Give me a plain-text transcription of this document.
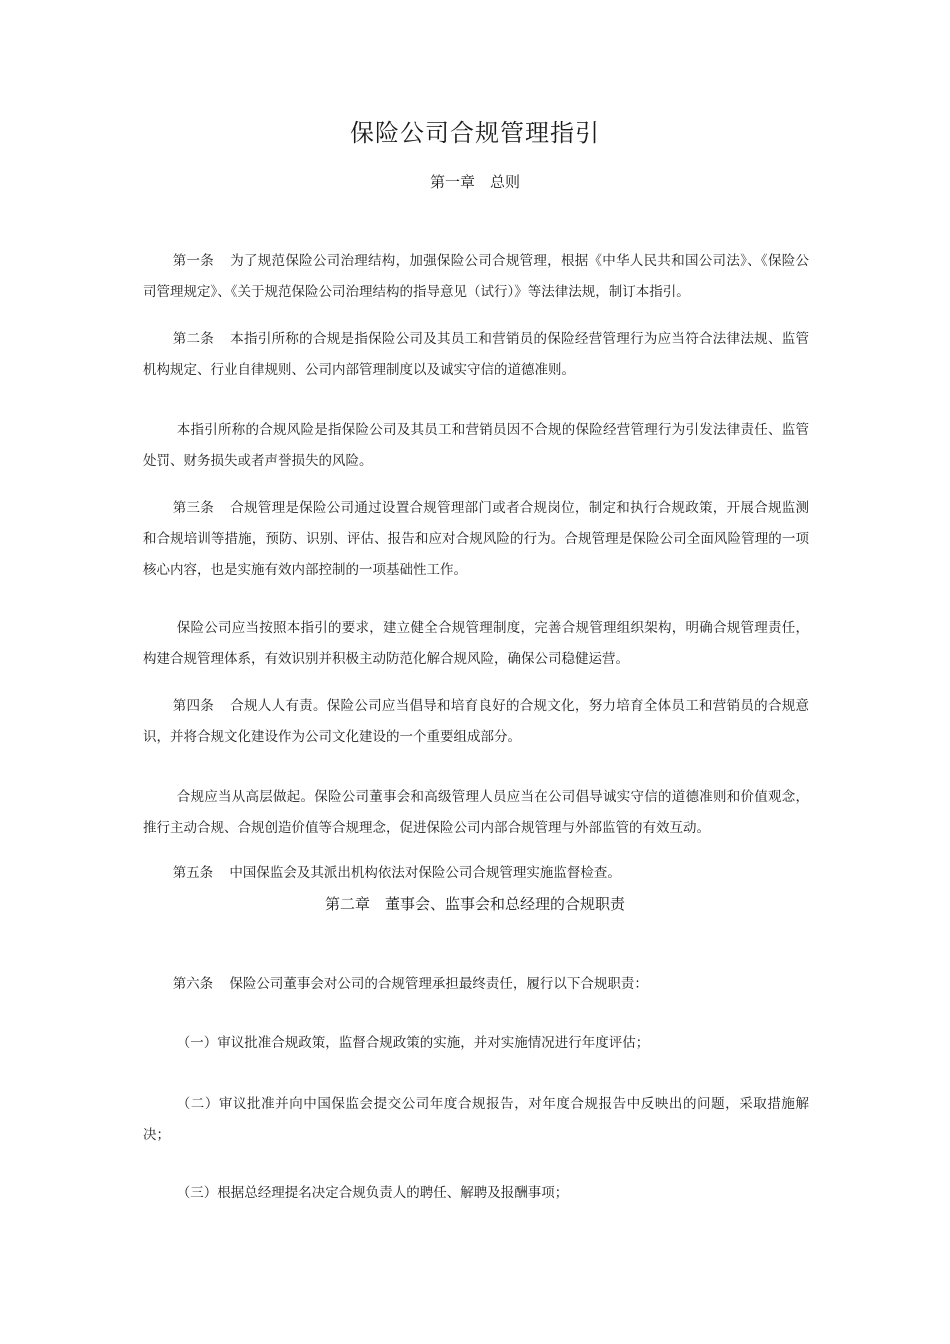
保险公司合规管理指引
第一章　总则

第一条 为了规范保险公司治理结构，加强保险公司合规管理，根据《中华人民共和国公司法》、《保险公司管理规定》、《关于规范保险公司治理结构的指导意见（试行）》等法律法规，制订本指引。

第二条 本指引所称的合规是指保险公司及其员工和营销员的保险经营管理行为应当符合法律法规、监管机构规定、行业自律规则、公司内部管理制度以及诚实守信的道德准则。

本指引所称的合规风险是指保险公司及其员工和营销员因不合规的保险经营管理行为引发法律责任、监管处罚、财务损失或者声誉损失的风险。

第三条 合规管理是保险公司通过设置合规管理部门或者合规岗位，制定和执行合规政策，开展合规监测和合规培训等措施，预防、识别、评估、报告和应对合规风险的行为。合规管理是保险公司全面风险管理的一项核心内容，也是实施有效内部控制的一项基础性工作。

保险公司应当按照本指引的要求，建立健全合规管理制度，完善合规管理组织架构，明确合规管理责任，构建合规管理体系，有效识别并积极主动防范化解合规风险，确保公司稳健运营。

第四条 合规人人有责。保险公司应当倡导和培育良好的合规文化，努力培育全体员工和营销员的合规意识，并将合规文化建设作为公司文化建设的一个重要组成部分。

合规应当从高层做起。保险公司董事会和高级管理人员应当在公司倡导诚实守信的道德准则和价值观念，推行主动合规、合规创造价值等合规理念，促进保险公司内部合规管理与外部监管的有效互动。

第五条 中国保监会及其派出机构依法对保险公司合规管理实施监督检查。

第二章　董事会、监事会和总经理的合规职责

第六条 保险公司董事会对公司的合规管理承担最终责任，履行以下合规职责：

（一）审议批准合规政策，监督合规政策的实施，并对实施情况进行年度评估；

（二）审议批准并向中国保监会提交公司年度合规报告，对年度合规报告中反映出的问题，采取措施解决；

（三）根据总经理提名决定合规负责人的聘任、解聘及报酬事项；
